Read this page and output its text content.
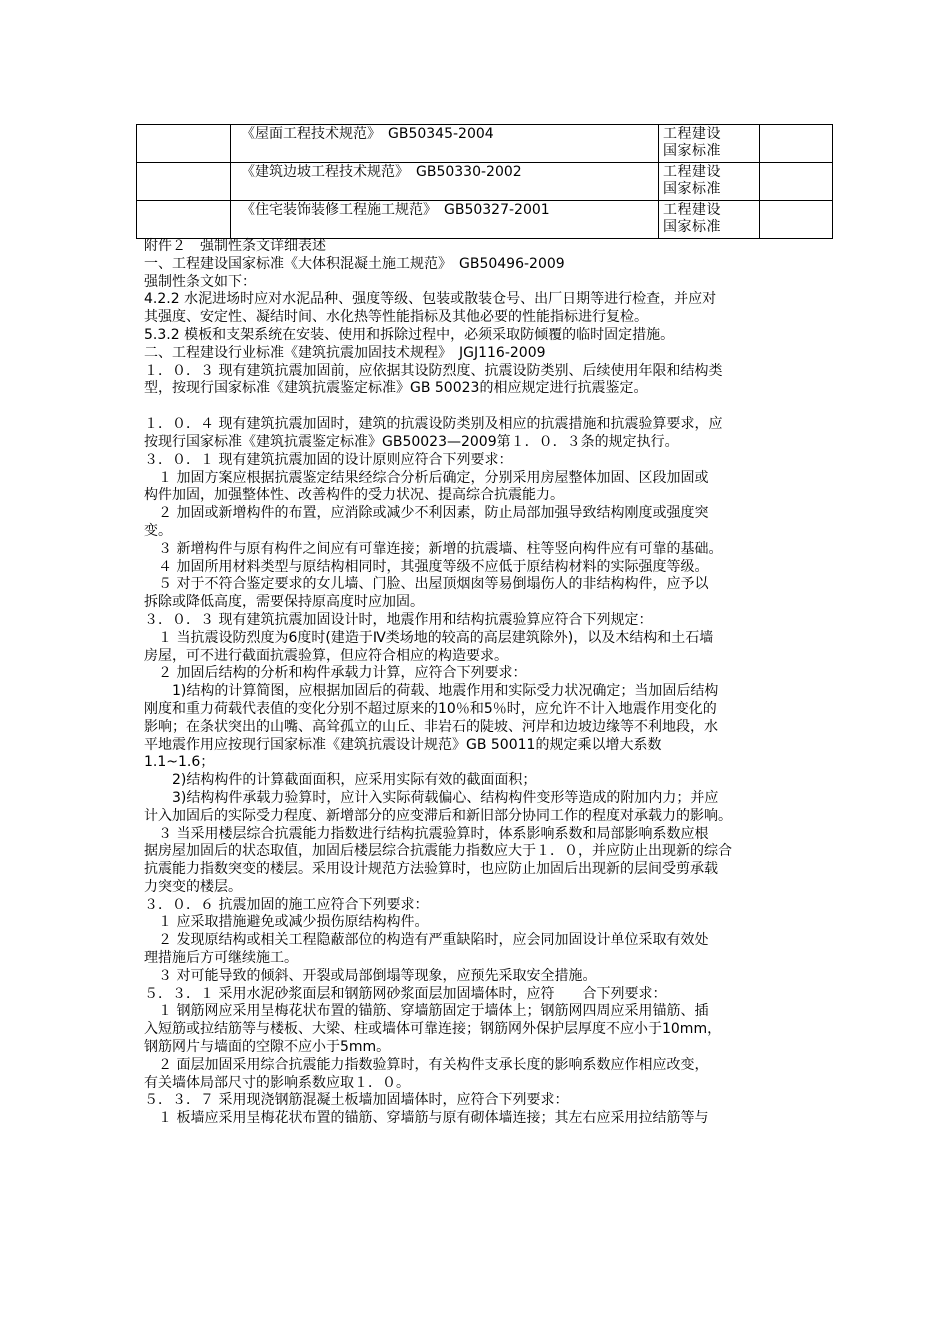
	《屋面工程技术规范》　GB50345-2004	工程建设
国家标准	

	《建筑边坡工程技术规范》　GB50330-2002	工程建设
国家标准	

	《住宅装饰装修工程施工规范》　GB50327-2001	工程建设
国家标准	

附件２　强制性条文详细表述

一、工程建设国家标准《大体积混凝土施工规范》　GB50496-2009

强制性条文如下：

4.2.2 水泥进场时应对水泥品种、强度等级、包装或散装仓号、出厂日期等进行检查，并应对

其强度、安定性、凝结时间、水化热等性能指标及其他必要的性能指标进行复检。

5.3.2 模板和支架系统在安装、使用和拆除过程中，必须采取防倾覆的临时固定措施。

二、工程建设行业标准《建筑抗震加固技术规程》　JGJ116-2009

１．０．３ 现有建筑抗震加固前，应依据其设防烈度、抗震设防类别、后续使用年限和结构类

型，按现行国家标准《建筑抗震鉴定标准》GB 50023的相应规定进行抗震鉴定。

１．０．４ 现有建筑抗震加固时，建筑的抗震设防类别及相应的抗震措施和抗震验算要求，应

按现行国家标准《建筑抗震鉴定标准》GB50023—2009第１．０．３条的规定执行。

３．０．１ 现有建筑抗震加固的设计原则应符合下列要求：

　１ 加固方案应根据抗震鉴定结果经综合分析后确定，分别采用房屋整体加固、区段加固或

构件加固，加强整体性、改善构件的受力状况、提高综合抗震能力。

　２ 加固或新增构件的布置，应消除或减少不利因素，防止局部加强导致结构刚度或强度突

变。

　３ 新增构件与原有构件之间应有可靠连接；新增的抗震墙、柱等竖向构件应有可靠的基础。

　４ 加固所用材料类型与原结构相同时，其强度等级不应低于原结构材料的实际强度等级。

　５ 对于不符合鉴定要求的女儿墙、门脸、出屋顶烟囱等易倒塌伤人的非结构构件，应予以

拆除或降低高度，需要保持原高度时应加固。

３．０．３ 现有建筑抗震加固设计时，地震作用和结构抗震验算应符合下列规定：

　１ 当抗震设防烈度为6度时(建造于Ⅳ类场地的较高的高层建筑除外)，以及木结构和土石墙

房屋，可不进行截面抗震验算，但应符合相应的构造要求。

　２ 加固后结构的分析和构件承载力计算，应符合下列要求：

　　1)结构的计算简图，应根据加固后的荷载、地震作用和实际受力状况确定；当加固后结构

刚度和重力荷载代表值的变化分别不超过原来的10％和5％时，应允许不计入地震作用变化的

影响；在条状突出的山嘴、高耸孤立的山丘、非岩石的陡坡、河岸和边坡边缘等不利地段，水

平地震作用应按现行国家标准《建筑抗震设计规范》GB 50011的规定乘以增大系数

1.1~1.6；

　　2)结构构件的计算截面面积，应采用实际有效的截面面积；

　　3)结构构件承载力验算时，应计入实际荷载偏心、结构构件变形等造成的附加内力；并应

计入加固后的实际受力程度、新增部分的应变滞后和新旧部分协同工作的程度对承载力的影响。

　３ 当采用楼层综合抗震能力指数进行结构抗震验算时，体系影响系数和局部影响系数应根

据房屋加固后的状态取值，加固后楼层综合抗震能力指数应大于１．０，并应防止出现新的综合

抗震能力指数突变的楼层。采用设计规范方法验算时，也应防止加固后出现新的层间受剪承载

力突变的楼层。

３．０．６ 抗震加固的施工应符合下列要求：

　１ 应采取措施避免或减少损伤原结构构件。

　２ 发现原结构或相关工程隐蔽部位的构造有严重缺陷时，应会同加固设计单位采取有效处

理措施后方可继续施工。

　３ 对可能导致的倾斜、开裂或局部倒塌等现象，应预先采取安全措施。

５．３．１ 采用水泥砂浆面层和钢筋网砂浆面层加固墙体时，应符　　合下列要求：

　１ 钢筋网应采用呈梅花状布置的锚筋、穿墙筋固定于墙体上；钢筋网四周应采用锚筋、插

入短筋或拉结筋等与楼板、大梁、柱或墙体可靠连接；钢筋网外保护层厚度不应小于10mm，

钢筋网片与墙面的空隙不应小于5mm。

　２ 面层加固采用综合抗震能力指数验算时，有关构件支承长度的影响系数应作相应改变，

有关墙体局部尺寸的影响系数应取１．０。

５．３．７ 采用现浇钢筋混凝土板墙加固墙体时，应符合下列要求：

　１ 板墙应采用呈梅花状布置的锚筋、穿墙筋与原有砌体墙连接；其左右应采用拉结筋等与
